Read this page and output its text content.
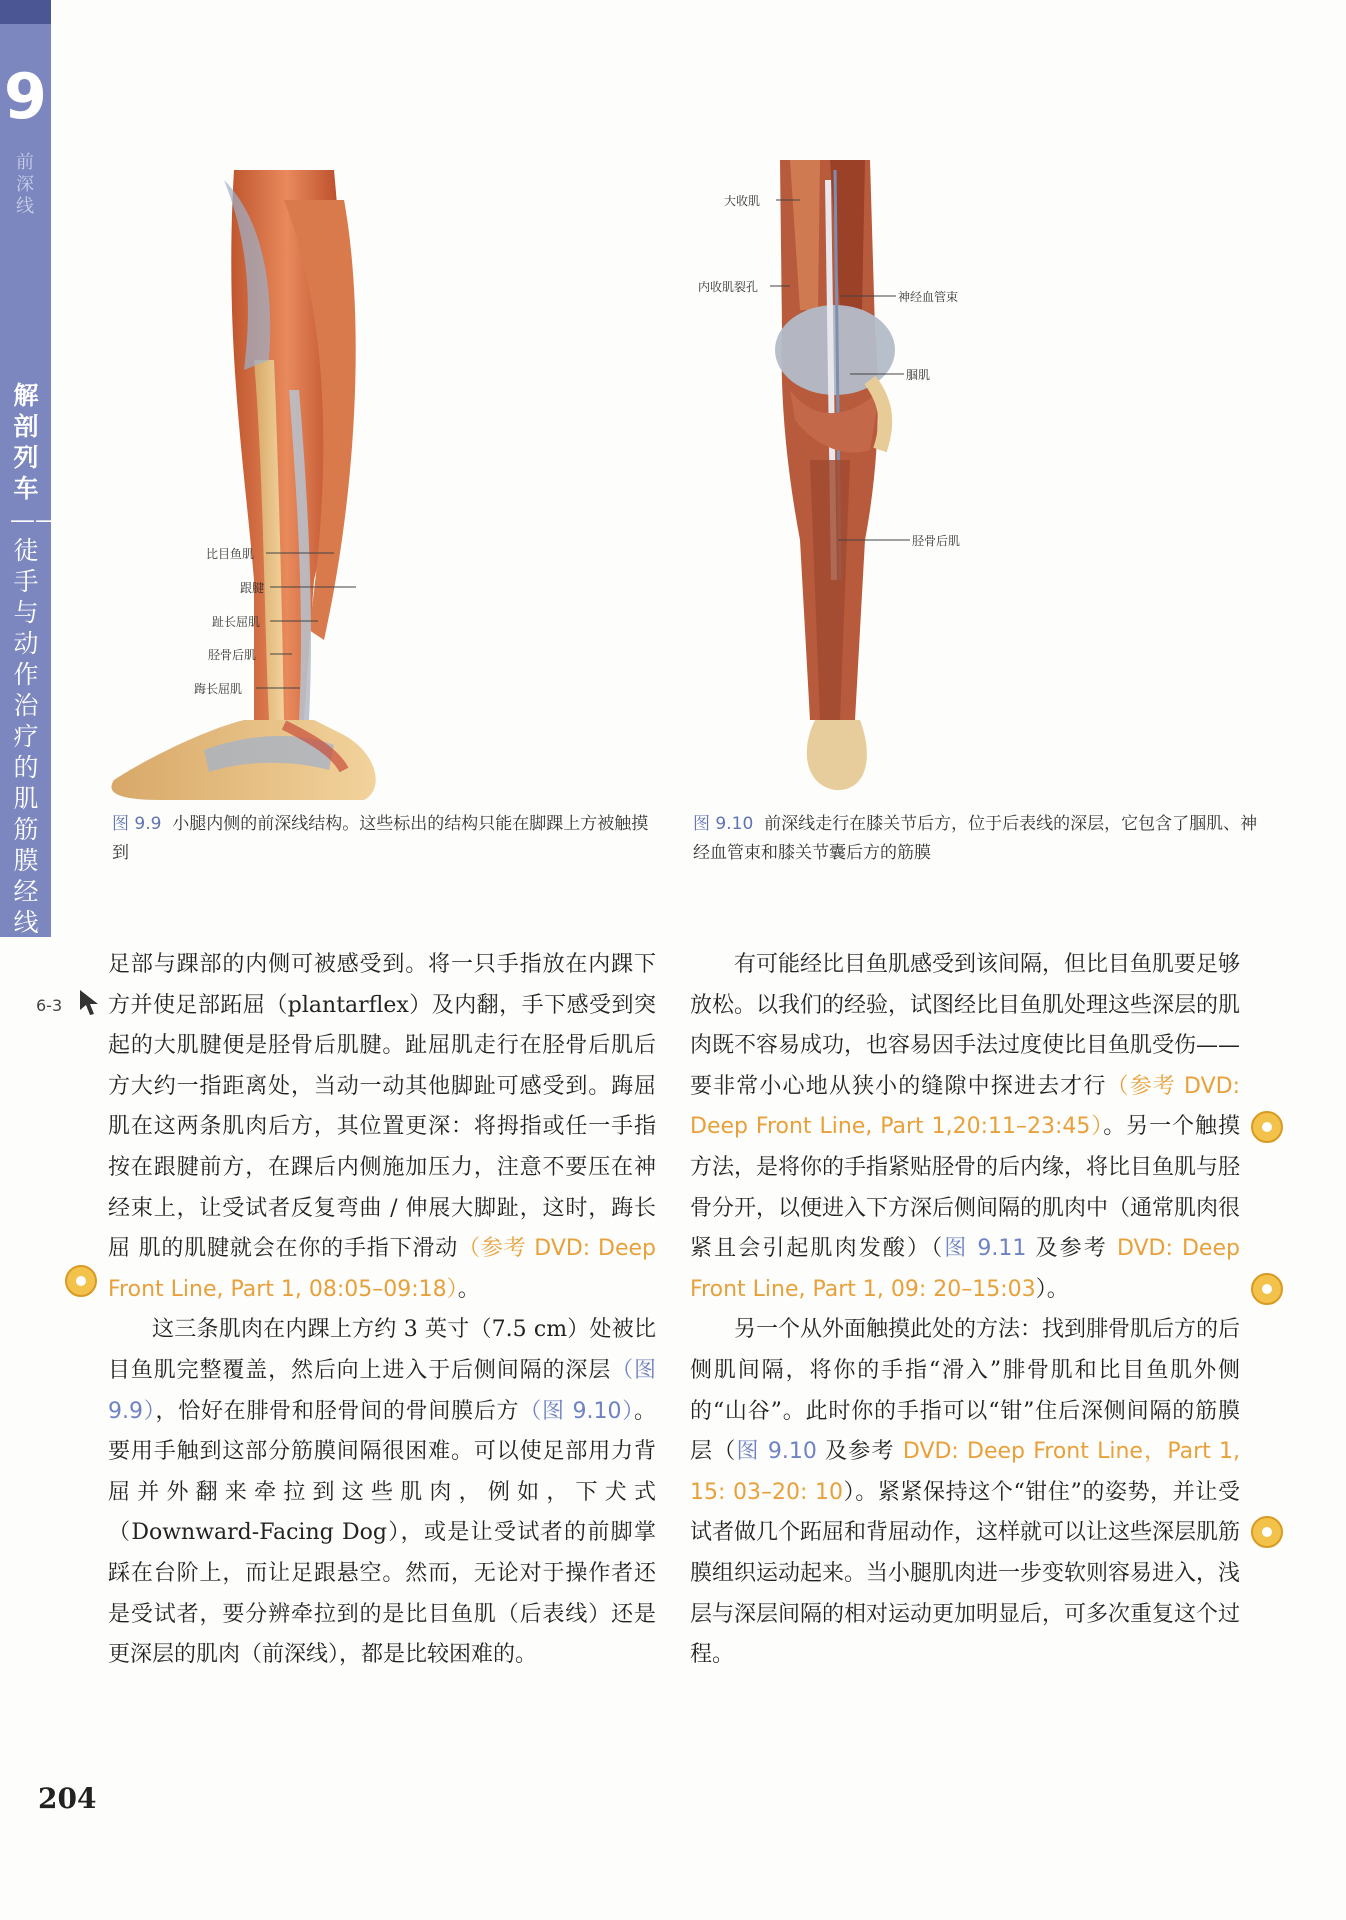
9
前深线
解剖列车——徒手与动作治疗的肌筋膜经线
比目鱼肌
跟腱
趾长屈肌
胫骨后肌
踇长屈肌
图 9.9 小腿内侧的前深线结构。这些标出的结构只能在脚踝上方被触摸到
大收肌
内收肌裂孔
神经血管束
腘肌
胫骨后肌
图 9.10 前深线走行在膝关节后方，位于后表线的深层，它包含了腘肌、神经血管束和膝关节囊后方的筋膜
6-3

足部与踝部的内侧可被感受到。将一只手指放在内踝下方并使足部跖屈（plantarflex）及内翻，手下感受到突起的大肌腱便是胫骨后肌腱。趾屈肌走行在胫骨后肌后方大约一指距离处，当动一动其他脚趾可感受到。踇屈肌在这两条肌肉后方，其位置更深：将拇指或任一手指按在跟腱前方，在踝后内侧施加压力，注意不要压在神经束上，让受试者反复弯曲 / 伸展大脚趾，这时，踇长屈 肌的肌腱就会在你的手指下滑动（参考 DVD: Deep Front Line, Part 1, 08:05–09:18）。

这三条肌肉在内踝上方约 3 英寸（7.5 cm）处被比目鱼肌完整覆盖，然后向上进入于后侧间隔的深层（图 9.9），恰好在腓骨和胫骨间的骨间膜后方（图 9.10）。要用手触到这部分筋膜间隔很困难。可以使足部用力背屈并外翻来牵拉到这些肌肉，例如，下犬式（Downward-Facing Dog），或是让受试者的前脚掌踩在台阶上，而让足跟悬空。然而，无论对于操作者还是受试者，要分辨牵拉到的是比目鱼肌（后表线）还是更深层的肌肉（前深线），都是比较困难的。

有可能经比目鱼肌感受到该间隔，但比目鱼肌要足够放松。以我们的经验，试图经比目鱼肌处理这些深层的肌肉既不容易成功，也容易因手法过度使比目鱼肌受伤——要非常小心地从狭小的缝隙中探进去才行（参考 DVD: Deep Front Line, Part 1,20:11–23:45）。另一个触摸方法，是将你的手指紧贴胫骨的后内缘，将比目鱼肌与胫骨分开，以便进入下方深后侧间隔的肌肉中（通常肌肉很紧且会引起肌肉发酸）（图 9.11 及参考 DVD: Deep Front Line, Part 1, 09: 20–15:03）。

另一个从外面触摸此处的方法：找到腓骨肌后方的后侧肌间隔，将你的手指“滑入”腓骨肌和比目鱼肌外侧的“山谷”。此时你的手指可以“钳”住后深侧间隔的筋膜层（图 9.10 及参考 DVD: Deep Front Line，Part 1, 15: 03–20: 10）。紧紧保持这个“钳住”的姿势，并让受试者做几个跖屈和背屈动作，这样就可以让这些深层肌筋膜组织运动起来。当小腿肌肉进一步变软则容易进入，浅层与深层间隔的相对运动更加明显后，可多次重复这个过程。

204
